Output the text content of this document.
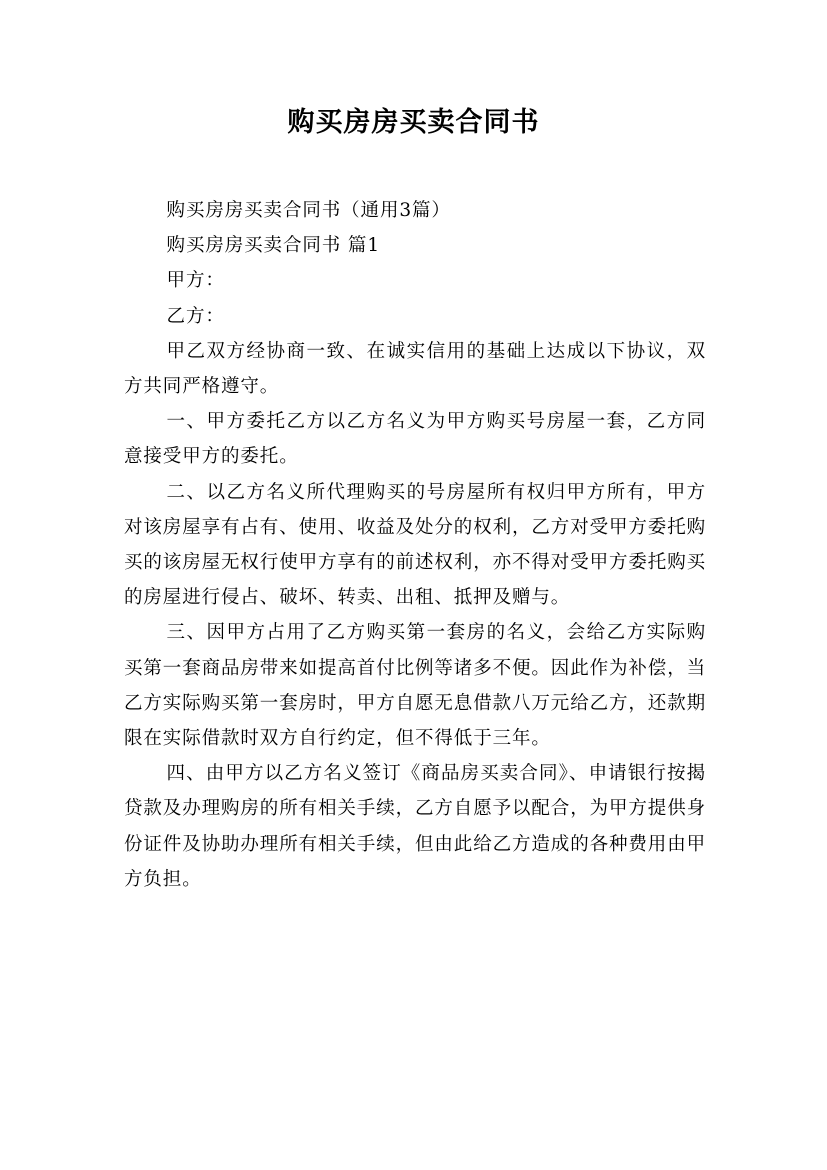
购买房房买卖合同书

购买房房买卖合同书（通用3篇）

购买房房买卖合同书 篇1

甲方：

乙方：

甲乙双方经协商一致、在诚实信用的基础上达成以下协议，双方共同严格遵守。

一、甲方委托乙方以乙方名义为甲方购买号房屋一套，乙方同意接受甲方的委托。

二、以乙方名义所代理购买的号房屋所有权归甲方所有，甲方对该房屋享有占有、使用、收益及处分的权利，乙方对受甲方委托购买的该房屋无权行使甲方享有的前述权利，亦不得对受甲方委托购买的房屋进行侵占、破坏、转卖、出租、抵押及赠与。

三、因甲方占用了乙方购买第一套房的名义，会给乙方实际购买第一套商品房带来如提高首付比例等诸多不便。因此作为补偿，当乙方实际购买第一套房时，甲方自愿无息借款八万元给乙方，还款期限在实际借款时双方自行约定，但不得低于三年。

四、由甲方以乙方名义签订《商品房买卖合同》、申请银行按揭贷款及办理购房的所有相关手续，乙方自愿予以配合，为甲方提供身份证件及协助办理所有相关手续，但由此给乙方造成的各种费用由甲方负担。
